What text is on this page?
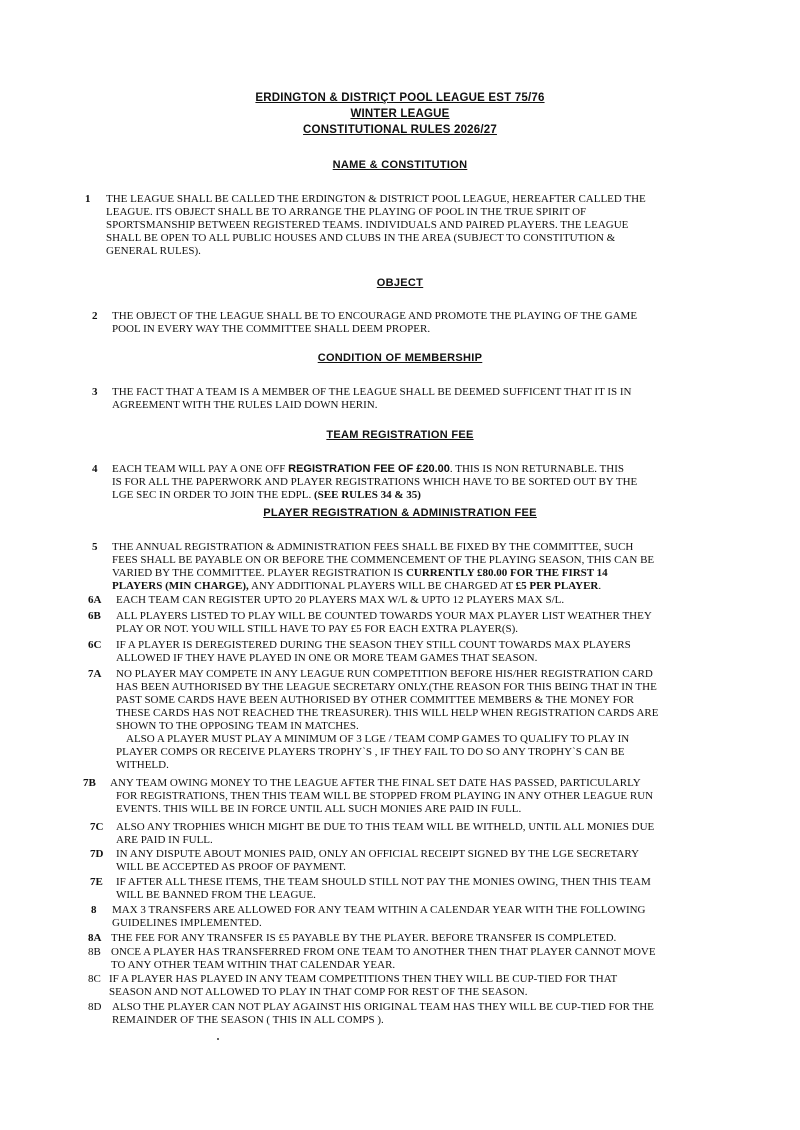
ERDINGTON & DISTRIÇT POOL LEAGUE EST 75/76
WINTER LEAGUE
CONSTITUTIONAL RULES 2026/27
NAME & CONSTITUTION
1 THE LEAGUE SHALL BE CALLED THE ERDINGTON & DISTRICT POOL LEAGUE, HEREAFTER CALLED THE
LEAGUE. ITS OBJECT SHALL BE TO ARRANGE THE PLAYING OF POOL IN THE TRUE SPIRIT OF
SPORTSMANSHIP BETWEEN REGISTERED TEAMS. INDIVIDUALS AND PAIRED PLAYERS. THE LEAGUE
SHALL BE OPEN TO ALL PUBLIC HOUSES AND CLUBS IN THE AREA (SUBJECT TO CONSTITUTION &
GENERAL RULES).
OBJECT
2 THE OBJECT OF THE LEAGUE SHALL BE TO ENCOURAGE AND PROMOTE THE PLAYING OF THE GAME
POOL IN EVERY WAY THE COMMITTEE SHALL DEEM PROPER.
CONDITION OF MEMBERSHIP
3 THE FACT THAT A TEAM IS A MEMBER OF THE LEAGUE SHALL BE DEEMED SUFFICENT THAT IT IS IN
AGREEMENT WITH THE RULES LAID DOWN HERIN.
TEAM REGISTRATION FEE
4 EACH TEAM WILL PAY A ONE OFF REGISTRATION FEE OF £20.00. THIS IS NON RETURNABLE. THIS
IS FOR ALL THE PAPERWORK AND PLAYER REGISTRATIONS WHICH HAVE TO BE SORTED OUT BY THE
LGE SEC IN ORDER TO JOIN THE EDPL. (SEE RULES 34 & 35)
PLAYER REGISTRATION & ADMINISTRATION FEE
5 THE ANNUAL REGISTRATION & ADMINISTRATION FEES SHALL BE FIXED BY THE COMMITTEE, SUCH
FEES SHALL BE PAYABLE ON OR BEFORE THE COMMENCEMENT OF THE PLAYING SEASON, THIS CAN BE
VARIED BY THE COMMITTEE. PLAYER REGISTRATION IS CURRENTLY £80.00 FOR THE FIRST 14
PLAYERS (MIN CHARGE), ANY ADDITIONAL PLAYERS WILL BE CHARGED AT £5 PER PLAYER.
6A EACH TEAM CAN REGISTER UPTO 20 PLAYERS MAX W/L & UPTO 12 PLAYERS MAX S/L.
6B ALL PLAYERS LISTED TO PLAY WILL BE COUNTED TOWARDS YOUR MAX PLAYER LIST WEATHER THEY
PLAY OR NOT. YOU WILL STILL HAVE TO PAY £5 FOR EACH EXTRA PLAYER(S).
6C IF A PLAYER IS DEREGISTERED DURING THE SEASON THEY STILL COUNT TOWARDS MAX PLAYERS
ALLOWED IF THEY HAVE PLAYED IN ONE OR MORE TEAM GAMES THAT SEASON.
7A NO PLAYER MAY COMPETE IN ANY LEAGUE RUN COMPETITION BEFORE HIS/HER REGISTRATION CARD
HAS BEEN AUTHORISED BY THE LEAGUE SECRETARY ONLY.(THE REASON FOR THIS BEING THAT IN THE
PAST SOME CARDS HAVE BEEN AUTHORISED BY OTHER COMMITTEE MEMBERS & THE MONEY FOR
THESE CARDS HAS NOT REACHED THE TREASURER). THIS WILL HELP WHEN REGISTRATION CARDS ARE
SHOWN TO THE OPPOSING TEAM IN MATCHES.
ALSO A PLAYER MUST PLAY A MINIMUM OF 3 LGE / TEAM COMP GAMES TO QUALIFY TO PLAY IN
PLAYER COMPS OR RECEIVE PLAYERS TROPHY`S , IF THEY FAIL TO DO SO ANY TROPHY`S CAN BE
WITHELD.
7B ANY TEAM OWING MONEY TO THE LEAGUE AFTER THE FINAL SET DATE HAS PASSED, PARTICULARLY
FOR REGISTRATIONS, THEN THIS TEAM WILL BE STOPPED FROM PLAYING IN ANY OTHER LEAGUE RUN
EVENTS. THIS WILL BE IN FORCE UNTIL ALL SUCH MONIES ARE PAID IN FULL.
7C ALSO ANY TROPHIES WHICH MIGHT BE DUE TO THIS TEAM WILL BE WITHELD, UNTIL ALL MONIES DUE
ARE PAID IN FULL.
7D IN ANY DISPUTE ABOUT MONIES PAID, ONLY AN OFFICIAL RECEIPT SIGNED BY THE LGE SECRETARY
WILL BE ACCEPTED AS PROOF OF PAYMENT.
7E IF AFTER ALL THESE ITEMS, THE TEAM SHOULD STILL NOT PAY THE MONIES OWING, THEN THIS TEAM
WILL BE BANNED FROM THE LEAGUE.
8 MAX 3 TRANSFERS ARE ALLOWED FOR ANY TEAM WITHIN A CALENDAR YEAR WITH THE FOLLOWING
GUIDELINES IMPLEMENTED.
8A THE FEE FOR ANY TRANSFER IS £5 PAYABLE BY THE PLAYER. BEFORE TRANSFER IS COMPLETED.
8B ONCE A PLAYER HAS TRANSFERRED FROM ONE TEAM TO ANOTHER THEN THAT PLAYER CANNOT MOVE
TO ANY OTHER TEAM WITHIN THAT CALENDAR YEAR.
8C IF A PLAYER HAS PLAYED IN ANY TEAM COMPETITIONS THEN THEY WILL BE CUP-TIED FOR THAT
SEASON AND NOT ALLOWED TO PLAY IN THAT COMP FOR REST OF THE SEASON.
8D ALSO THE PLAYER CAN NOT PLAY AGAINST HIS ORIGINAL TEAM HAS THEY WILL BE CUP-TIED FOR THE
REMAINDER OF THE SEASON ( THIS IN ALL COMPS ).
